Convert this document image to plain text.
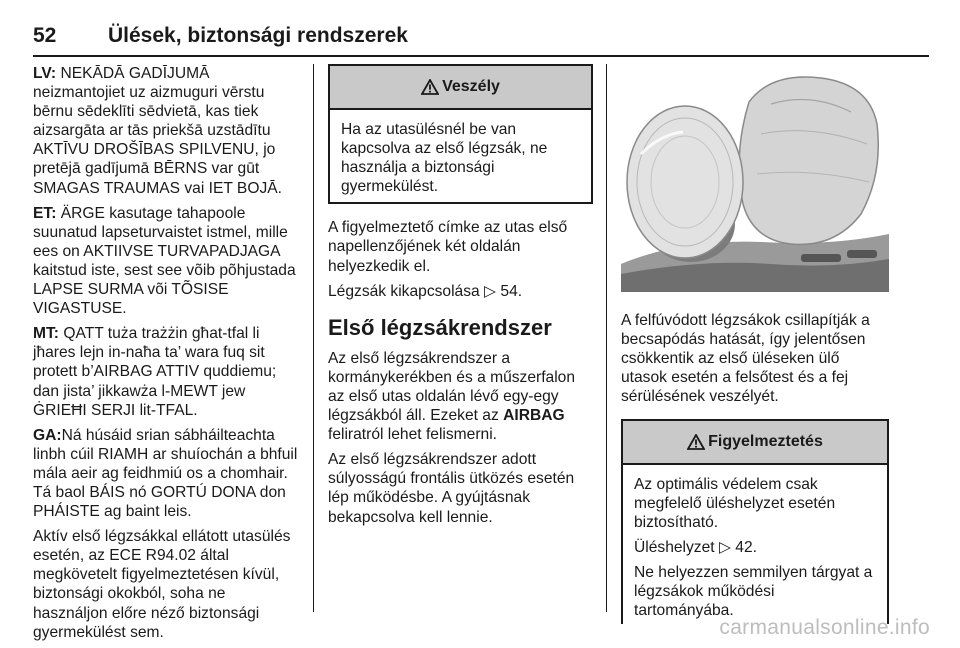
52 Ülések, biztonsági rendszerek

LV: NEKĀDĀ GADĪJUMĀ neizmantojiet uz aizmuguri vērstu bērnu sēdeklīti sēdvietā, kas tiek aizsargāta ar tās priekšā uzstādītu AKTĪVU DROŠĪBAS SPILVENU, jo pretējā gadījumā BĒRNS var gūt SMAGAS TRAUMAS vai IET BOJĀ.

ET: ÄRGE kasutage tahapoole suunatud lapseturvaistet istmel, mille ees on AKTIIVSE TURVAPADJAGA kaitstud iste, sest see võib põhjustada LAPSE SURMA või TÕSISE VIGASTUSE.

MT: QATT tuża trażżin għat-tfal li jħares lejn in-naħa ta’ wara fuq sit protett b’AIRBAG ATTIV quddiemu; dan jista’ jikkawża l-MEWT jew ĠRIEĦI SERJI lit-TFAL.

GA:Ná húsáid srian sábháilteachta linbh cúil RIAMH ar shuíochán a bhfuil mála aeir ag feidhmiú os a chomhair. Tá baol BÁIS nó GORTÚ DONA don PHÁISTE ag baint leis.

Aktív első légzsákkal ellátott utasülés esetén, az ECE R94.02 által megkövetelt figyelmeztetésen kívül, biztonsági okokból, soha ne használjon előre néző biztonsági gyermekülést sem.

Veszély

Ha az utasülésnél be van kapcsolva az első légzsák, ne használja a biztonsági gyermekülést.

A figyelmeztető címke az utas első napellenzőjének két oldalán helyezkedik el.

Légzsák kikapcsolása ▷ 54.

Első légzsákrendszer

Az első légzsákrendszer a kormánykerékben és a műszerfalon az első utas oldalán lévő egy-egy légzsákból áll. Ezeket az AIRBAG feliratról lehet felismerni.

Az első légzsákrendszer adott súlyosságú frontális ütközés esetén lép működésbe. A gyújtásnak bekapcsolva kell lennie.

A felfúvódott légzsákok csillapítják a becsapódás hatását, így jelentősen csökkentik az első üléseken ülő utasok esetén a felsőtest és a fej sérülésének veszélyét.

Figyelmeztetés

Az optimális védelem csak megfelelő üléshelyzet esetén biztosítható.

Üléshelyzet ▷ 42.

Ne helyezzen semmilyen tárgyat a légzsákok működési tartományába.

carmanualsonline.info
